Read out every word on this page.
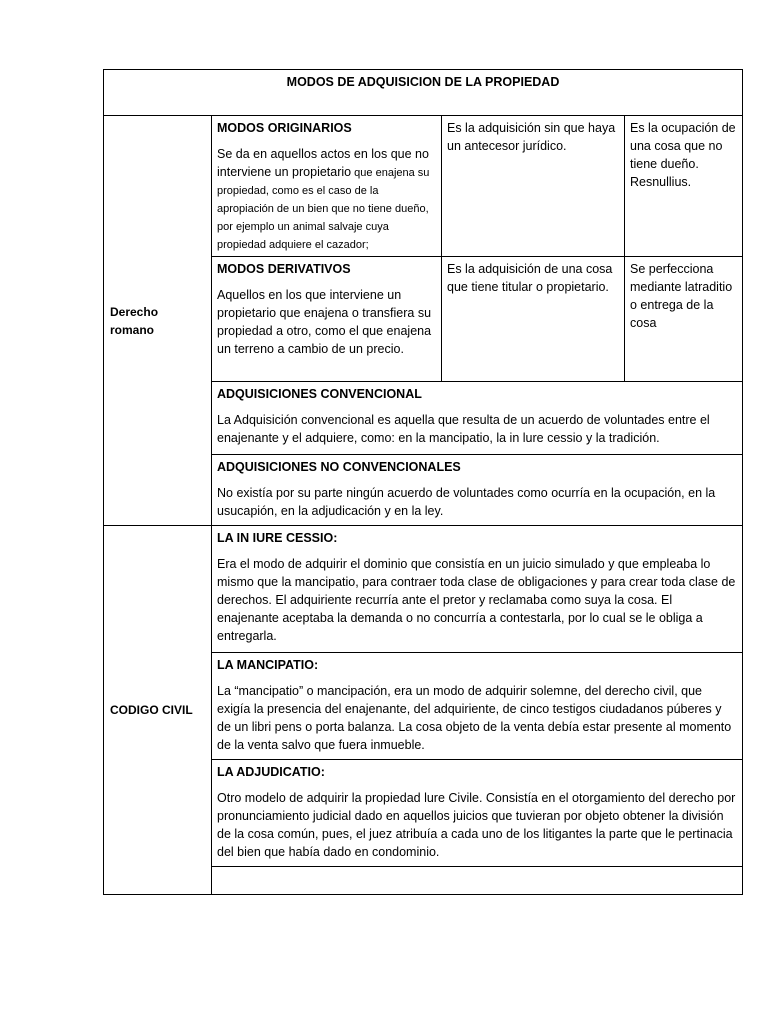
MODOS DE ADQUISICION DE LA PROPIEDAD			
Derecho romano	MODOS ORIGINARIOS
Se da en aquellos actos en los que no interviene un propietario que enajena su propiedad, como es el caso de la apropiación de un bien que no tiene dueño, por ejemplo un animal salvaje cuya propiedad adquiere el cazador;	Es la adquisición sin que haya un antecesor jurídico.	Es la ocupación de una cosa que no tiene dueño. Resnullius.

	MODOS DERIVATIVOS
Aquellos en los que interviene un propietario que enajena o transfiera su propiedad a otro, como el que enajena un terreno a cambio de un precio.	Es la adquisición de una cosa que tiene titular o propietario.	Se perfecciona mediante latraditio o entrega de la cosa

	ADQUISICIONES CONVENCIONAL
La Adquisición convencional es aquella que resulta de un acuerdo de voluntades entre el enajenante y el adquiere, como: en la mancipatio, la in lure cessio y la tradición.		

	ADQUISICIONES NO CONVENCIONALES
No existía por su parte ningún acuerdo de voluntades como ocurría en la ocupación, en la usucapión, en la adjudicación y en la ley.		

CODIGO CIVIL	LA IN IURE CESSIO:
Era el modo de adquirir el dominio que consistía en un juicio simulado y que empleaba lo mismo que la mancipatio, para contraer toda clase de obligaciones y para crear toda clase de derechos. El adquiriente recurría ante el pretor y reclamaba como suya la cosa. El enajenante aceptaba la demanda o no concurría a contestarla, por lo cual se le obliga a entregarla.		

	LA MANCIPATIO:
La “mancipatio” o mancipación, era un modo de adquirir solemne, del derecho civil, que exigía la presencia del enajenante, del adquiriente, de cinco testigos ciudadanos púberes y de un libri pens o porta balanza. La cosa objeto de la venta debía estar presente al momento de la venta salvo que fuera inmueble.		

	LA ADJUDICATIO:
Otro modelo de adquirir la propiedad lure Civile. Consistía en el otorgamiento del derecho por pronunciamiento judicial dado en aquellos juicios que tuvieran por objeto obtener la división de la cosa común, pues, el juez atribuía a cada uno de los litigantes la parte que le pertinacia del bien que había dado en condominio.		
